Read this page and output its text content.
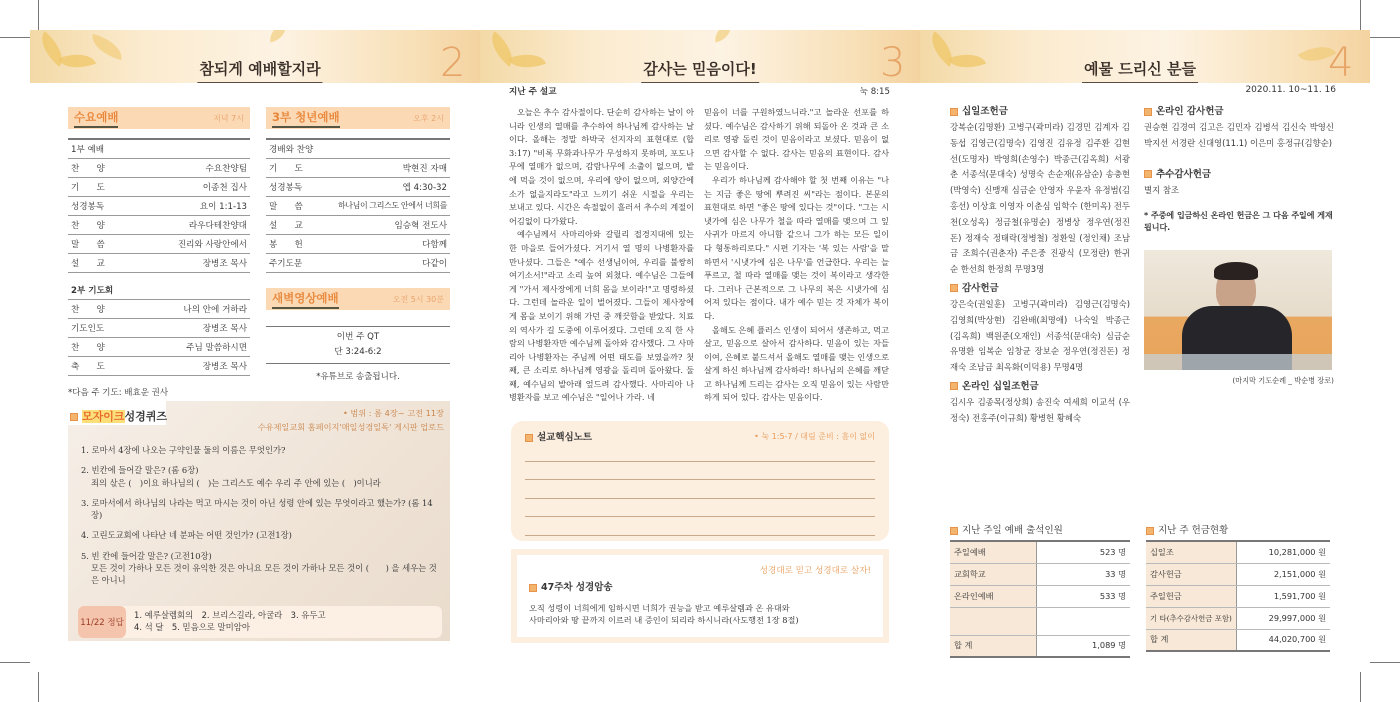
참되게 예배할지라	2	감사는 믿음이다!	3	예물 드리신 분들	4
수요예배	저녁 7시
1부 예배	
찬　　양	수요찬양팀
기　　도	이종천 집사
성경봉독	요이 1:1-13
찬　　양	라우다테찬양대
말　　씀	진리와 사랑안에서
설　　교	장병조 목사
2부 기도회	
찬　　양	나의 안에 거하라
기도인도	장병조 목사
찬　　양	주님 말씀하시면
축　　도	장병조 목사
*다음 주 기도: 배효운 권사
3부 청년예배	오후 2시
경배와 찬양	
기　　도	박현진 자매
성경봉독	엡 4:30-32
말　　씀	하나님이 그리스도 안에서 너희를
설　　교	임승혁 전도사
봉　　헌	다함께
주기도문	다같이
새벽영상예배	오전 5시 30분
이번 주 QT
단 3:24-6:2
*유튜브로 송출됩니다.
모자이크성경퀴즈	• 범위 : 롬 4장~ 고전 11장
수유제일교회 홈페이지'매일성경일독' 게시판 업로드
1. 로마서 4장에 나오는 구약인물 둘의 이름은 무엇인가?
2. 빈칸에 들어갈 말은? (롬 6장)
죄의 삯은 (　)이요 하나님의 (　)는 그리스도 예수 우리 주 안에 있는 (　)이니라
3. 로마서에서 하나님의 나라는 먹고 마시는 것이 아닌 성령 안에 있는 무엇이라고 했는가? (롬 14장)
4. 고린도교회에 나타난 네 분파는 어떤 것인가? (고전1장)
5. 빈 칸에 들어갈 말은? (고전10장)
모든 것이 가하나 모든 것이 유익한 것은 아니요 모든 것이 가하나 모든 것이 (　　) 을 세우는 것은 아니니
11/22 정답
1. 예루살렘회의　2. 브리스길라, 아굴라　3. 유두고
4. 석 달　5. 믿음으로 말미암아
지난 주 설교	눅 8:15

오늘은 추수 감사절이다. 단순히 감사하는 날이 아니라 인생의 열매를 추수하여 하나님께 감사하는 날이다. 올해는 정말 하박국 선지자의 표현대로 (합 3:17) "비록 무화과나무가 무성하지 못하며, 포도나무에 열매가 없으며, 감람나무에 소출이 없으며, 밭에 먹을 것이 없으며, 우리에 양이 없으며, 외양간에 소가 없을지라도"라고 느끼기 쉬운 시절을 우리는 보내고 있다. 시간은 속절없이 흘러서 추수의 계절이 어김없이 다가왔다.

예수님께서 사마리아와 갈릴리 접경지대에 있는 한 마을로 들어가셨다. 거기서 열 명의 나병환자를 만나셨다. 그들은 "예수 선생님이여, 우리를 불쌍히 여기소서!"라고 소리 높여 외쳤다. 예수님은 그들에게 "가서 제사장에게 너희 몸을 보이라!"고 명령하셨다. 그런데 놀라운 일이 벌어졌다. 그들이 제사장에게 몸을 보이기 위해 가던 중 깨끗함을 받았다. 치료의 역사가 길 도중에 이루어졌다. 그런데 오직 한 사람의 나병환자만 예수님께 돌아와 감사했다. 그 사마리아 나병환자는 주님께 어떤 태도를 보였을까? 첫째, 큰 소리로 하나님께 영광을 돌리며 돌아왔다. 둘째, 예수님의 발아래 엎드려 감사했다. 사마리아 나병환자를 보고 예수님은 "일어나 가라. 네

믿음이 너를 구원하였느니라."고 놀라운 선포를 하셨다. 예수님은 감사하기 위해 되돌아 온 것과 큰 소리로 영광 돌린 것이 믿음이라고 보셨다. 믿음이 없으면 감사할 수 없다. 감사는 믿음의 표현이다. 감사는 믿음이다.

우리가 하나님께 감사해야 할 첫 번째 이유는 "나는 지금 좋은 땅에 뿌려진 씨"라는 점이다. 본문의 표현대로 하면 "좋은 땅에 있다는 것"이다. "그는 시냇가에 심은 나무가 철을 따라 열매를 맺으며 그 잎사귀가 마르지 아니함 같으니 그가 하는 모든 일이 다 형통하리로다." 시편 기자는 '복 있는 사람'을 말하면서 '시냇가에 심은 나무'를 언급한다. 우리는 늘 푸르고, 철 따라 열매를 맺는 것이 복이라고 생각한다. 그러나 근본적으로 그 나무의 복은 시냇가에 심어져 있다는 점이다. 내가 예수 믿는 것 자체가 복이다.

올해도 은혜 플러스 인생이 되어서 생존하고, 먹고 살고, 믿음으로 살아서 감사하다. 믿음이 있는 자들이여, 은혜로 붙드셔서 올해도 열매를 맺는 인생으로 살게 하신 하나님께 감사하라! 하나님의 은혜를 깨닫고 하나님께 드리는 감사는 오직 믿음이 있는 사람만 하게 되어 있다. 감사는 믿음이다.

설교핵심노트	• 눅 1:5-7 / 대림 준비 : 흠이 없이
성경대로 믿고 성경대로 살자!
47주차 성경암송
오직 성령이 너희에게 임하시면 너희가 권능을 받고 예루살렘과 온 유대와
사마리아와 땅 끝까지 이르러 내 증인이 되리라 하시니라(사도행전 1장 8절)
2020.11. 10~11. 16
십일조헌금
강복순(김명환) 고병구(곽미라) 김경민 김계자 김동섭 김영근(김명숙) 김영진 김유정 김주환 김현선(도명자) 박영희(손영수) 박종근(김옥희) 서광춘 서종석(문대숙) 성명숙 손순재(유삼순) 송충현(박영숙) 신맹재 심금순 안영자 우윤자 유정범(김홍선) 이상효 이영자 이춘심 임학수 (한미옥) 전두천(오성옥) 정금철(유명순) 정병상 정우연(정진돈) 정재숙 정태락(정병철) 정환일 (정인채) 조남금 조희수(권춘자) 주은중 진광식 (모정란) 한귀순 한선희 한정희 무명3명
감사헌금
강은숙(권일훈) 고병구(곽미라) 김영근(김명숙) 김영희(박상현) 김완배(최명애) 나숙일 박종근 (김옥희) 백원준(오재인) 서종석(문대숙) 심금순 유명환 임복순 임창균 장보순 정우연(정진돈) 정재숙 조남금 최옥화(이덕용) 무명4명
온라인 십일조헌금
김시우 김종목(정상희) 송진숙 여세희 이교석 (우정숙) 전홍주(이규희) 황병헌 황혜숙
온라인 감사헌금
권승현 김경여 김고은 김민자 김병석 김신숙 박영신 박지선 서경란 신대영(11.1) 이은미 홍정규(김향순)
추수감사헌금
별지 참조
* 주중에 입금하신 온라인 헌금은 그 다음 주일에 게재됩니다.
(마지막 기도순례 _ 박순병 장로)
지난 주일 예배 출석인원
주일예배	523 명
교회학교	33 명
온라인예배	533 명

합 계	1,089 명
지난 주 헌금현황
십일조	10,281,000 원
감사헌금	2,151,000 원
주일헌금	1,591,700 원
기 타(추수감사헌금 포함)	29,997,000 원
합 계	44,020,700 원
